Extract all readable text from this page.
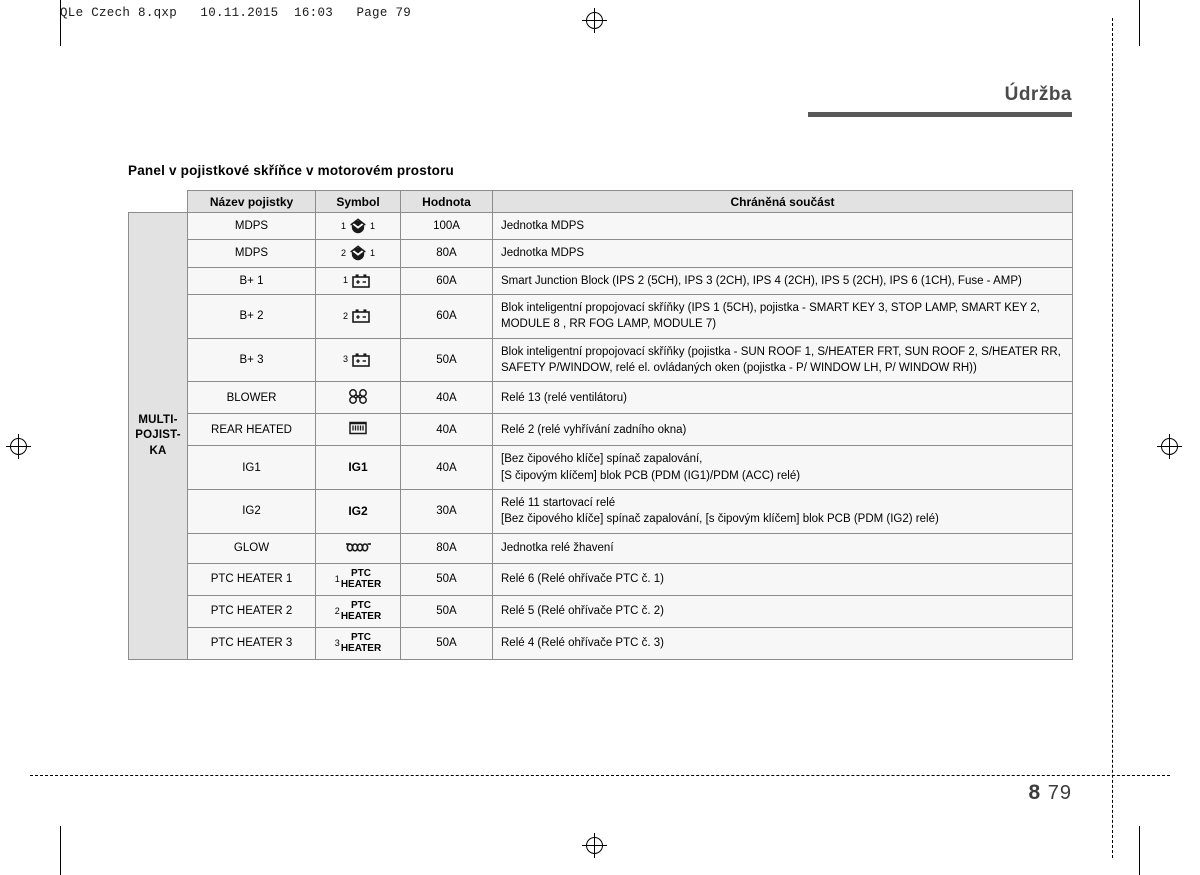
QLe Czech 8.qxp   10.11.2015  16:03   Page 79
Údržba
Panel v pojistkové skříňce v motorovém prostoru
	Název pojistky	Symbol	Hodnota	Chráněná součást
MULTI-
POJIST-
KA	MDPS	1 1	100A	Jednotka MDPS
	MDPS	2 1	80A	Jednotka MDPS
	B+ 1	1	60A	Smart Junction Block (IPS 2 (5CH), IPS 3 (2CH), IPS 4 (2CH), IPS 5 (2CH), IPS 6 (1CH), Fuse - AMP)
	B+ 2	2	60A	Blok inteligentní propojovací skříňky (IPS 1 (5CH), pojistka - SMART KEY 3, STOP LAMP, SMART KEY 2, MODULE 8 , RR FOG LAMP, MODULE 7)
	B+ 3	3	50A	Blok inteligentní propojovací skříňky (pojistka - SUN ROOF 1, S/HEATER FRT, SUN ROOF 2, S/HEATER RR, SAFETY P/WINDOW, relé el. ovládaných oken (pojistka - P/ WINDOW LH, P/ WINDOW RH))
	BLOWER		40A	Relé 13 (relé ventilátoru)
	REAR HEATED		40A	Relé 2 (relé vyhřívání zadního okna)
	IG1	IG1	40A	[Bez čipového klíče] spínač zapalování,
[S čipovým klíčem] blok PCB (PDM (IG1)/PDM (ACC) relé)
	IG2	IG2	30A	Relé 11 startovací relé
[Bez čipového klíče] spínač zapalování, [s čipovým klíčem] blok PCB (PDM (IG2) relé)
	GLOW		80A	Jednotka relé žhavení
	PTC HEATER 1	1 PTC
HEATER	50A	Relé 6 (Relé ohřívače PTC č. 1)
	PTC HEATER 2	2 PTC
HEATER	50A	Relé 5 (Relé ohřívače PTC č. 2)
	PTC HEATER 3	3 PTC
HEATER	50A	Relé 4 (Relé ohřívače PTC č. 3)
8 79
